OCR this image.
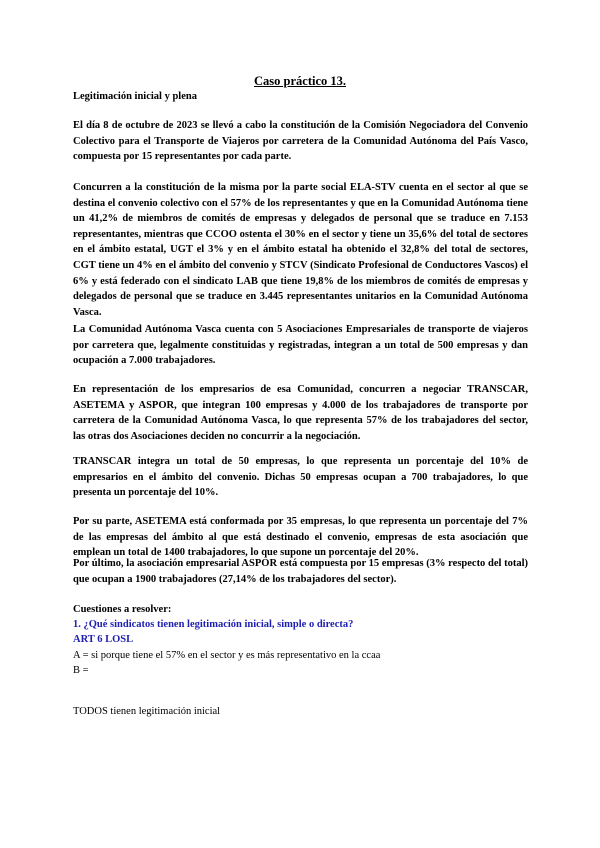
Caso práctico 13.
Legitimación inicial y plena

El día 8 de octubre de 2023 se llevó a cabo la constitución de la Comisión Negociadora del Convenio Colectivo para el Transporte de Viajeros por carretera de la Comunidad Autónoma del País Vasco, compuesta por 15 representantes por cada parte.

Concurren a la constitución de la misma por la parte social ELA-STV cuenta en el sector al que se destina el convenio colectivo con el 57% de los representantes y que en la Comunidad Autónoma tiene un 41,2% de miembros de comités de empresas y delegados de personal que se traduce en 7.153 representantes, mientras que CCOO ostenta el 30% en el sector y tiene un 35,6% del total de sectores en el ámbito estatal, UGT el 3% y en el ámbito estatal ha obtenido el 32,8% del total de sectores, CGT tiene un 4% en el ámbito del convenio y STCV (Sindicato Profesional de Conductores Vascos) el 6% y está federado con el sindicato LAB que tiene 19,8% de los miembros de comités de empresas y delegados de personal que se traduce en 3.445 representantes unitarios en la Comunidad Autónoma Vasca.

La Comunidad Autónoma Vasca cuenta con 5 Asociaciones Empresariales de transporte de viajeros por carretera que, legalmente constituidas y registradas, integran a un total de 500 empresas y dan ocupación a 7.000 trabajadores.

En representación de los empresarios de esa Comunidad, concurren a negociar TRANSCAR, ASETEMA y ASPOR, que integran 100 empresas y 4.000 de los trabajadores de transporte por carretera de la Comunidad Autónoma Vasca, lo que representa 57% de los trabajadores del sector, las otras dos Asociaciones deciden no concurrir a la negociación.

TRANSCAR integra un total de 50 empresas, lo que representa un porcentaje del 10% de empresarios en el ámbito del convenio. Dichas 50 empresas ocupan a 700 trabajadores, lo que presenta un porcentaje del 10%.

Por su parte, ASETEMA está conformada por 35 empresas, lo que representa un porcentaje del 7% de las empresas del ámbito al que está destinado el convenio, empresas de esta asociación que emplean un total de 1400 trabajadores, lo que supone un porcentaje del 20%.

Por último, la asociación empresarial ASPOR está compuesta por 15 empresas (3% respecto del total) que ocupan a 1900 trabajadores (27,14% de los trabajadores del sector).

Cuestiones a resolver:
1. ¿Qué sindicatos tienen legitimación inicial, simple o directa?
ART 6 LOSL
A = si porque tiene el 57% en el sector y es más representativo en la ccaa
B =
TODOS tienen legitimación inicial
